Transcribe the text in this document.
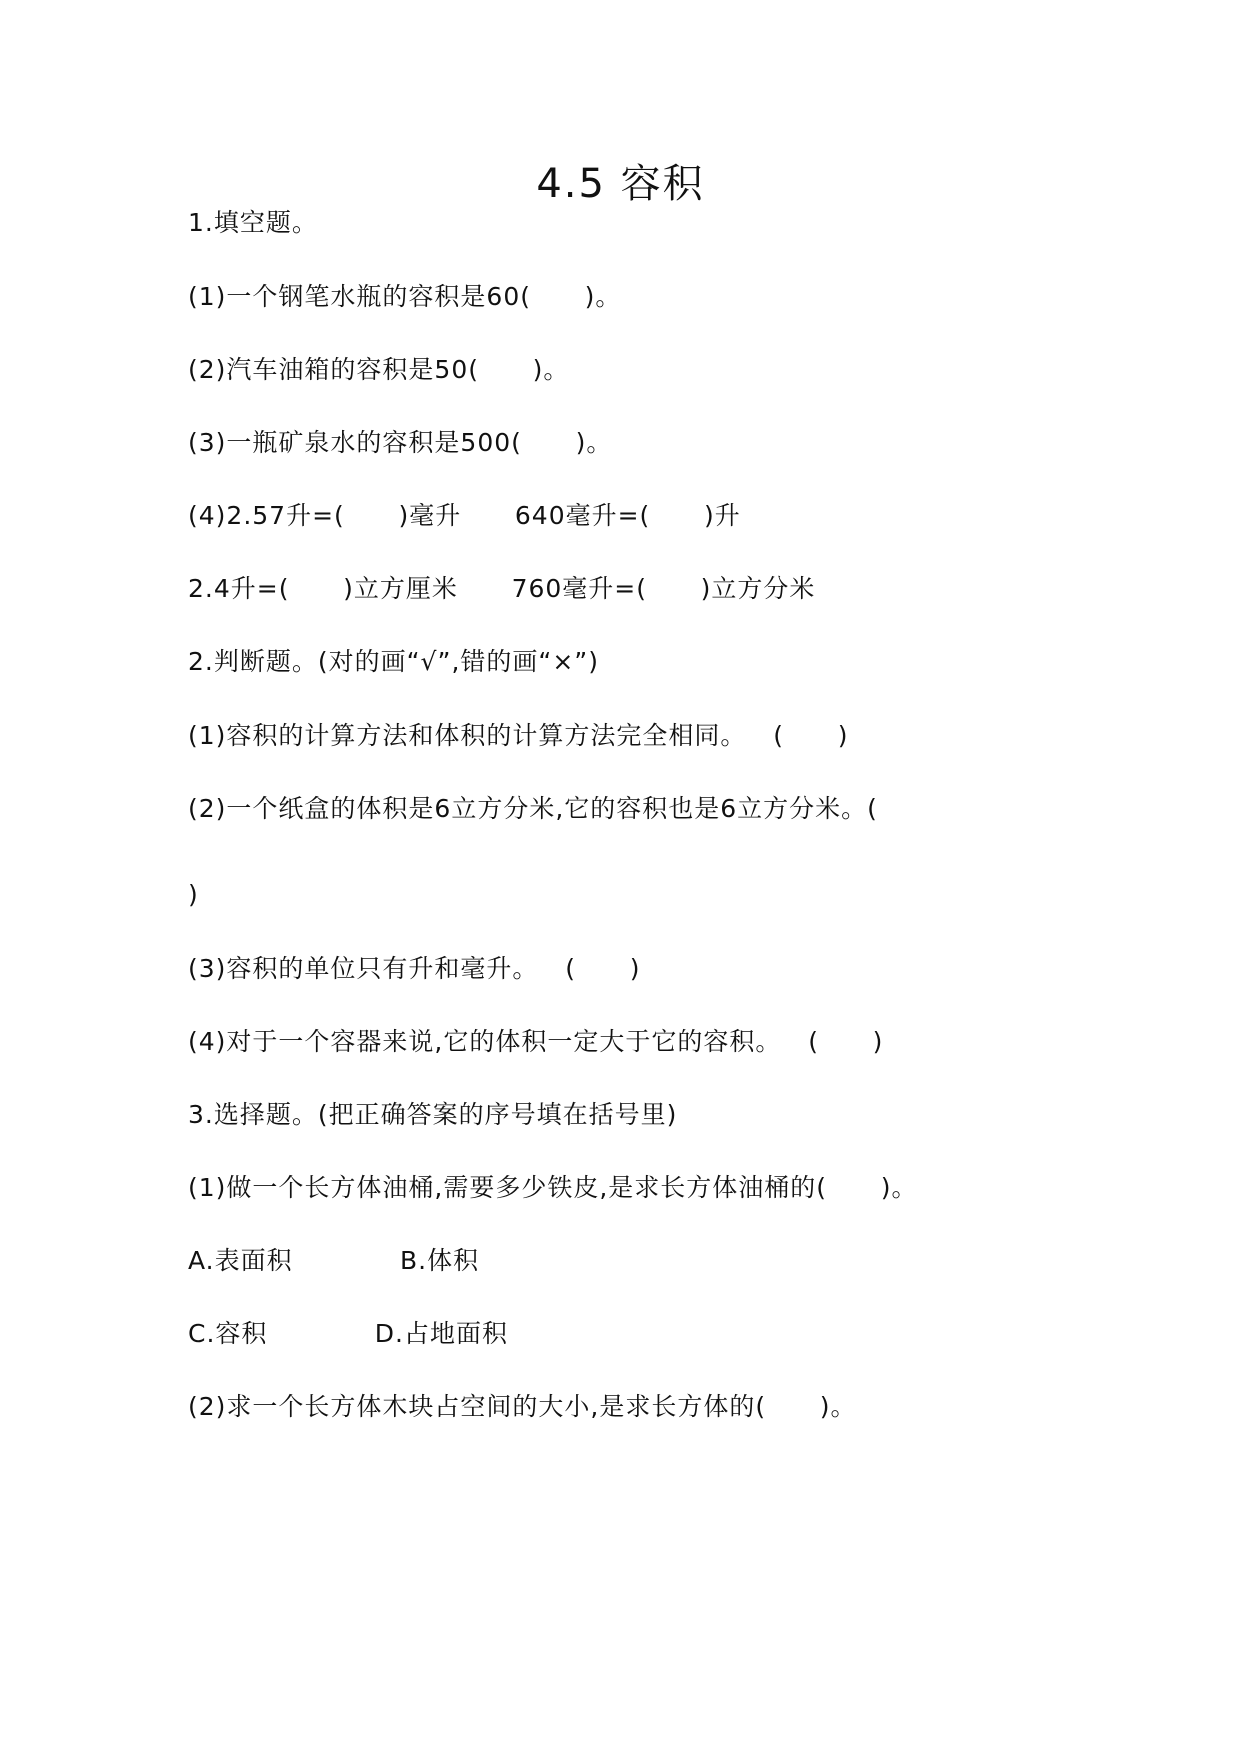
4.5 容积
1.填空题。
(1)一个钢笔水瓶的容积是60(      )。
(2)汽车油箱的容积是50(      )。
(3)一瓶矿泉水的容积是500(      )。
(4)2.57升=(      )毫升      640毫升=(      )升
2.4升=(      )立方厘米      760毫升=(      )立方分米
2.判断题。(对的画“√”,错的画“×”)
(1)容积的计算方法和体积的计算方法完全相同。   (      )
(2)一个纸盒的体积是6立方分米,它的容积也是6立方分米。(
)
(3)容积的单位只有升和毫升。   (      )
(4)对于一个容器来说,它的体积一定大于它的容积。   (      )
3.选择题。(把正确答案的序号填在括号里)
(1)做一个长方体油桶,需要多少铁皮,是求长方体油桶的(      )。
A.表面积            B.体积
C.容积            D.占地面积
(2)求一个长方体木块占空间的大小,是求长方体的(      )。
